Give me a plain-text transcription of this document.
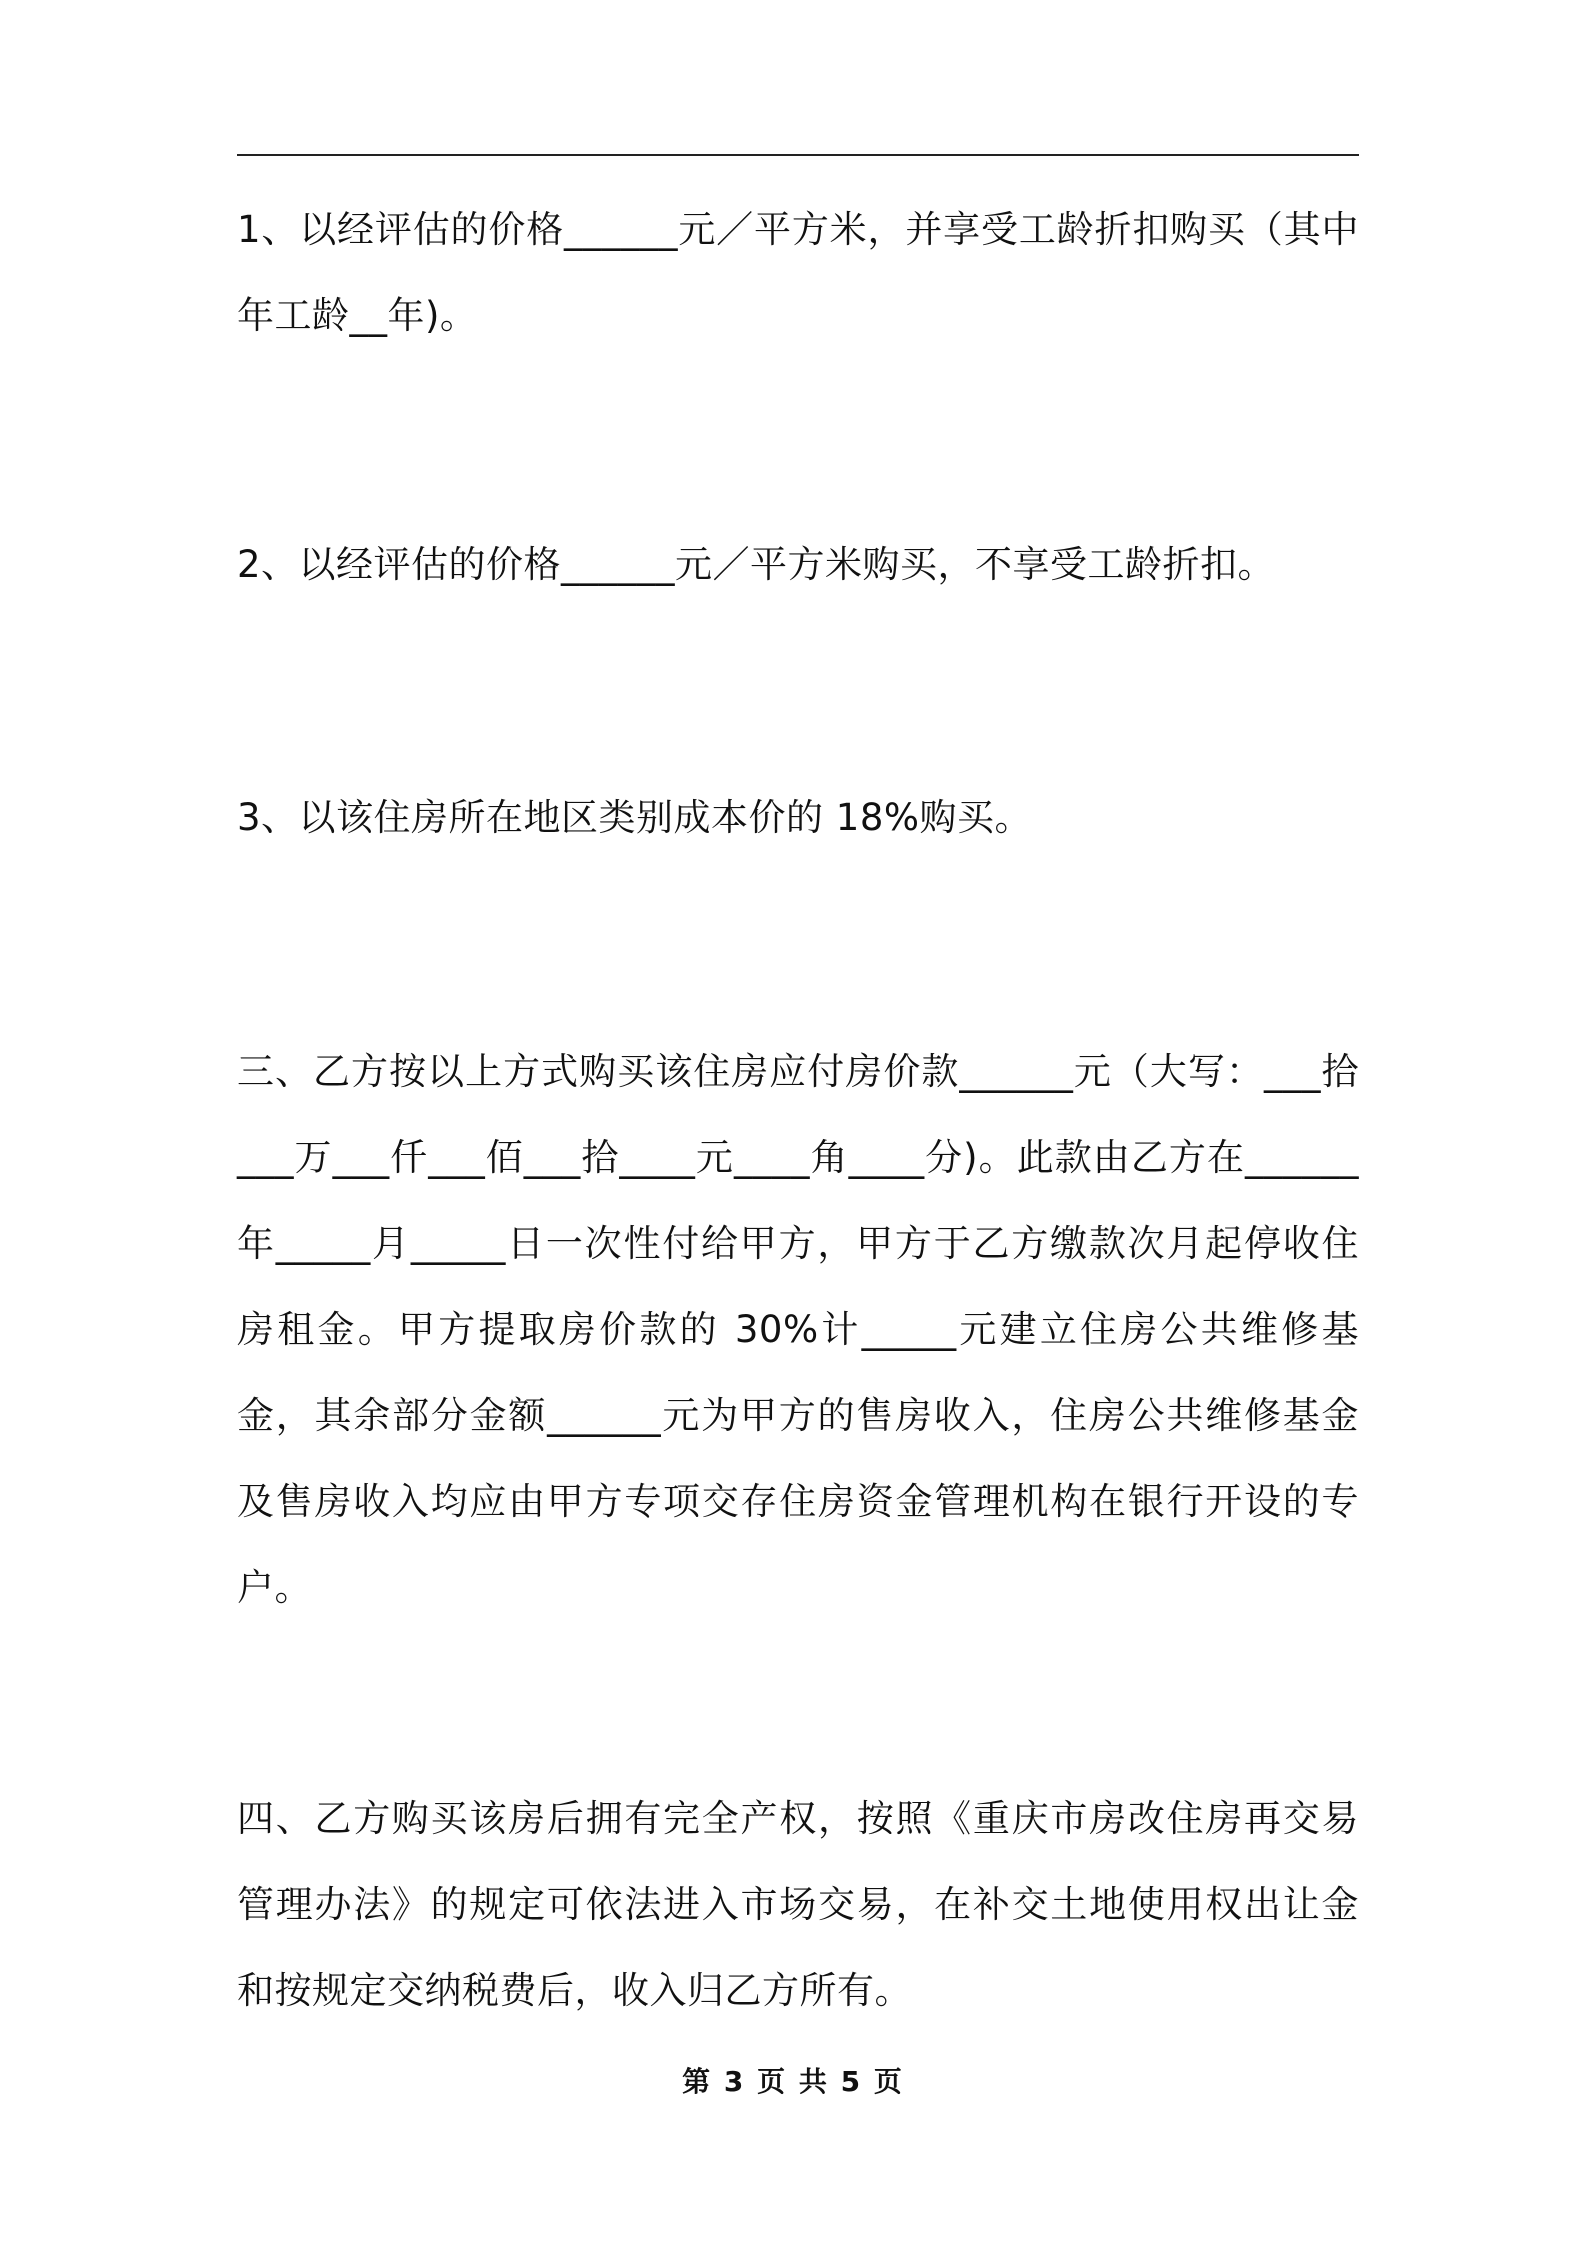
1、以经评估的价格______元／平方米，并享受工龄折扣购买（其中年工龄__年)。

2、以经评估的价格______元／平方米购买，不享受工龄折扣。

3、以该住房所在地区类别成本价的 18%购买。

三、乙方按以上方式购买该住房应付房价款______元（大写：___拾___万___仟___佰___拾____元____角____分)。此款由乙方在______年_____月_____日一次性付给甲方，甲方于乙方缴款次月起停收住房租金。甲方提取房价款的 30%计_____元建立住房公共维修基金，其余部分金额______元为甲方的售房收入，住房公共维修基金及售房收入均应由甲方专项交存住房资金管理机构在银行开设的专户。

四、乙方购买该房后拥有完全产权，按照《重庆市房改住房再交易管理办法》的规定可依法进入市场交易，在补交土地使用权出让金和按规定交纳税费后，收入归乙方所有。

第 3 页 共 5 页
